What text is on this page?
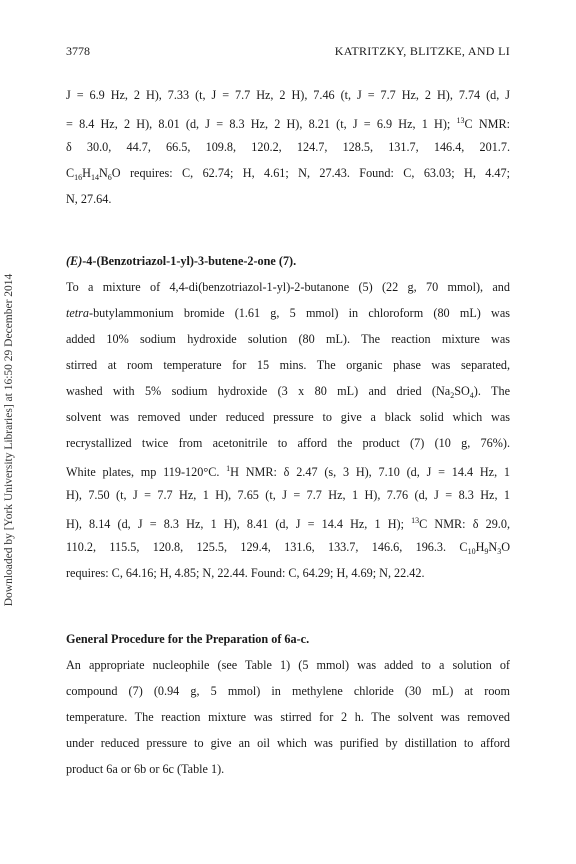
3778	KATRITZKY, BLITZKE, AND LI
Downloaded by [York University Libraries] at 16:50 29 December 2014
J = 6.9 Hz, 2 H), 7.33 (t, J = 7.7 Hz, 2 H), 7.46 (t, J = 7.7 Hz, 2 H), 7.74 (d, J
= 8.4 Hz, 2 H), 8.01 (d, J = 8.3 Hz, 2 H), 8.21 (t, J = 6.9 Hz, 1 H); $^{13}$C NMR:
δ 30.0, 44.7, 66.5, 109.8, 120.2, 124.7, 128.5, 131.7, 146.4, 201.7.
$C_{16}H_{14}N_6O$ requires: C, 62.74; H, 4.61; N, 27.43. Found: C, 63.03; H, 4.47;
N, 27.64.
(E)-4-(Benzotriazol-1-yl)-3-butene-2-one (7).
To a mixture of 4,4-di(benzotriazol-1-yl)-2-butanone (5) (22 g, 70 mmol), and
tetra-butylammonium bromide (1.61 g, 5 mmol) in chloroform (80 mL) was
added 10% sodium hydroxide solution (80 mL). The reaction mixture was
stirred at room temperature for 15 mins. The organic phase was separated,
washed with 5% sodium hydroxide (3 x 80 mL) and dried $(Na_2SO_4)$. The
solvent was removed under reduced pressure to give a black solid which was
recrystallized twice from acetonitrile to afford the product (7) (10 g, 76%).
White plates, mp 119-120°C. $^1$H NMR: δ 2.47 (s, 3 H), 7.10 (d, J = 14.4 Hz, 1
H), 7.50 (t, J = 7.7 Hz, 1 H), 7.65 (t, J = 7.7 Hz, 1 H), 7.76 (d, J = 8.3 Hz, 1
H), 8.14 (d, J = 8.3 Hz, 1 H), 8.41 (d, J = 14.4 Hz, 1 H); $^{13}$C NMR: δ 29.0,
110.2, 115.5, 120.8, 125.5, 129.4, 131.6, 133.7, 146.6, 196.3. $C_{10}H_9N_3O$
requires: C, 64.16; H, 4.85; N, 22.44. Found: C, 64.29; H, 4.69; N, 22.42.
General Procedure for the Preparation of 6a-c.
An appropriate nucleophile (see Table 1) (5 mmol) was added to a solution of
compound (7) (0.94 g, 5 mmol) in methylene chloride (30 mL) at room
temperature. The reaction mixture was stirred for 2 h. The solvent was removed
under reduced pressure to give an oil which was purified by distillation to afford
product 6a or 6b or 6c (Table 1).
